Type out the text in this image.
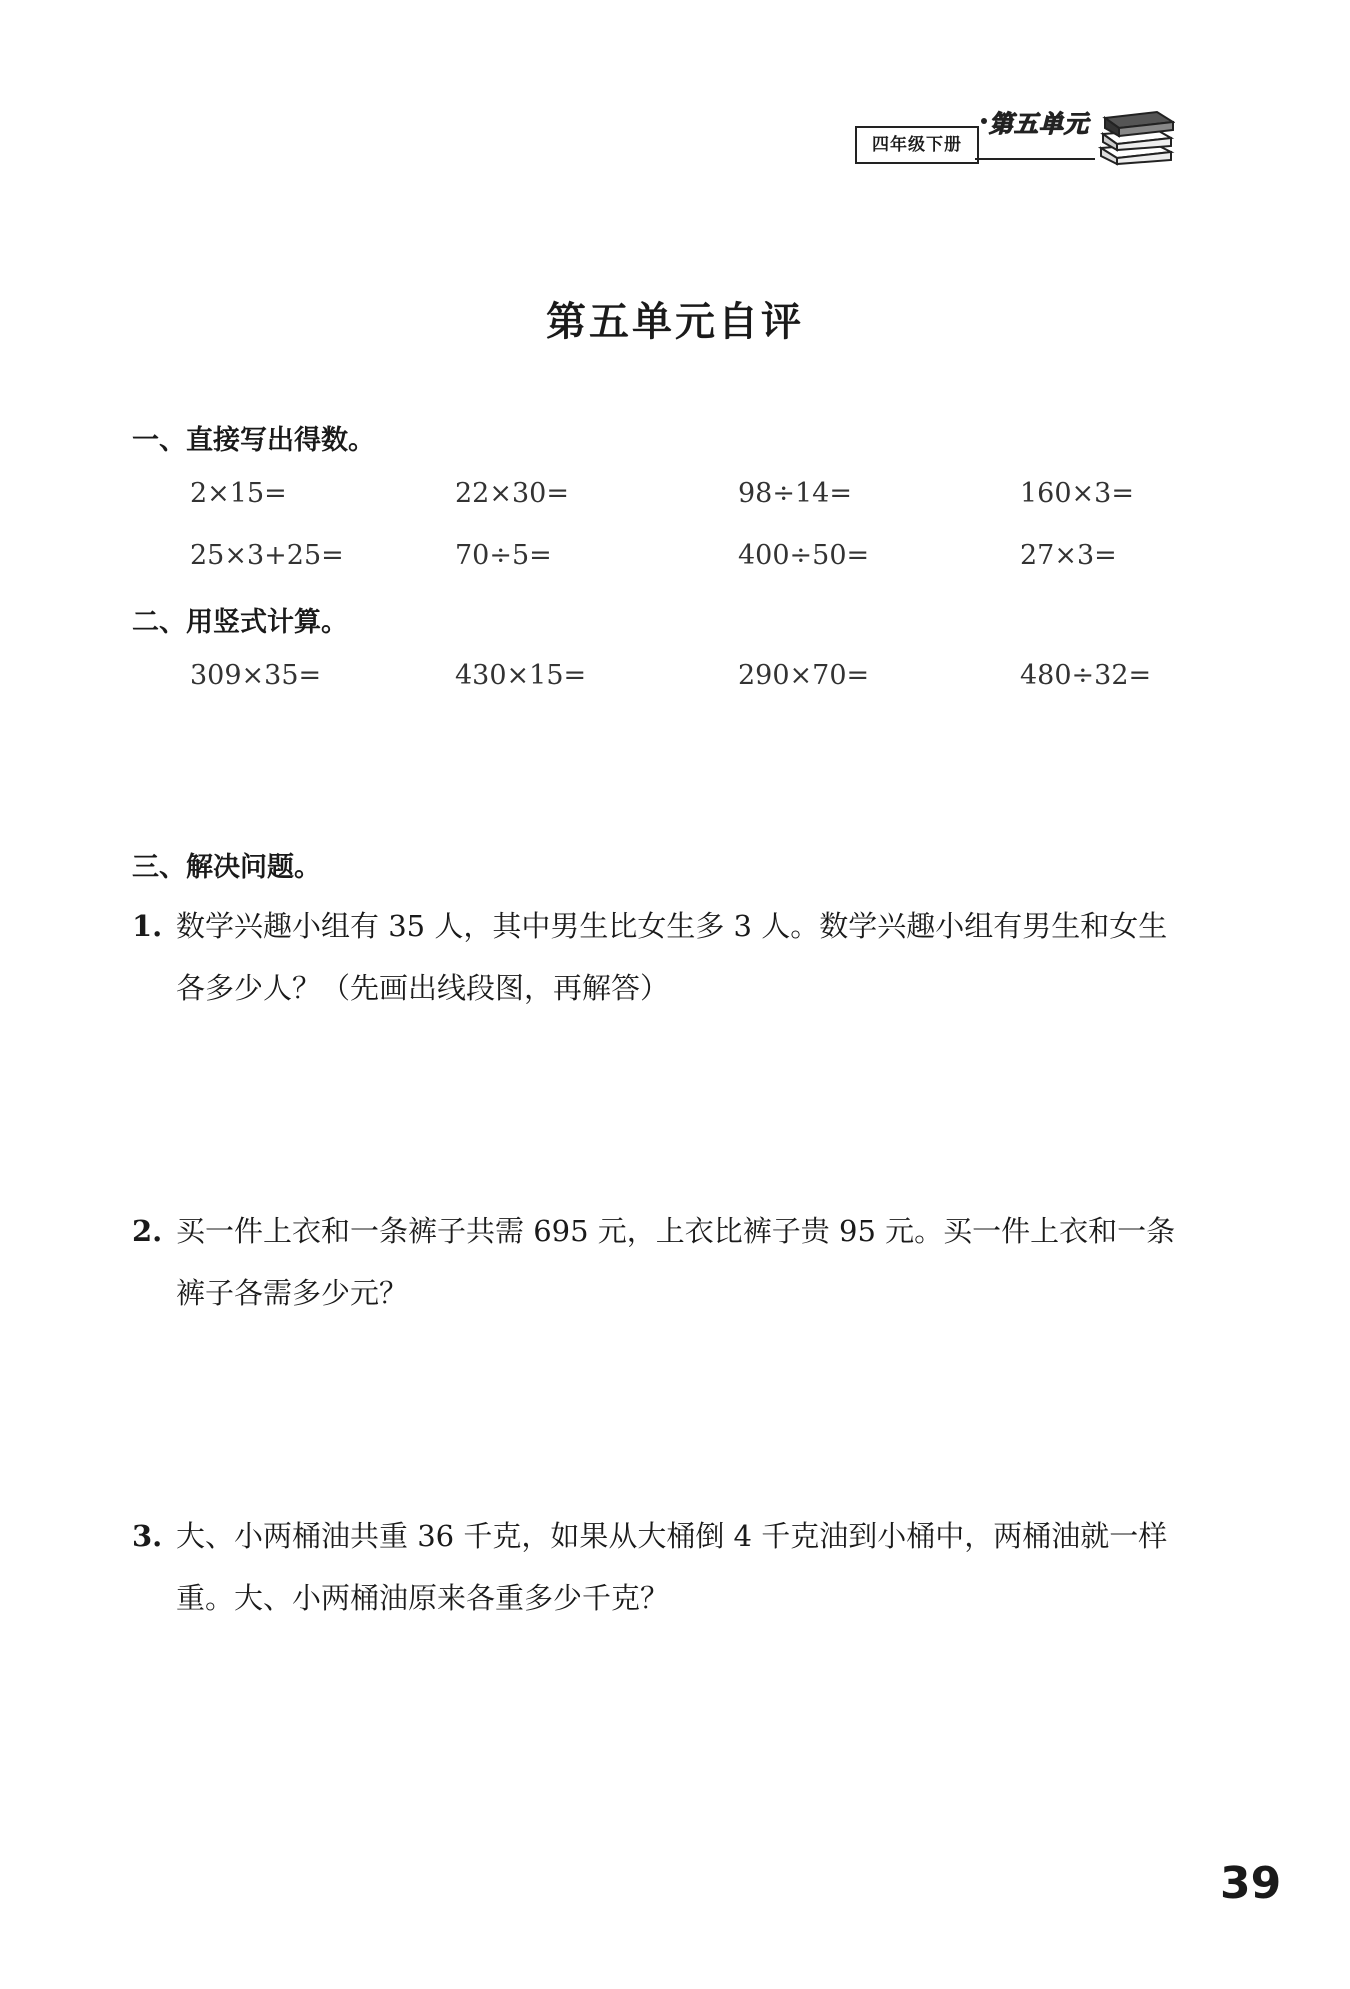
四年级下册
第五单元
第五单元自评
一、直接写出得数。
2×15=	22×30=	98÷14=	160×3=
25×3+25=	70÷5=	400÷50=	27×3=
二、用竖式计算。
309×35=	430×15=	290×70=	480÷32=
三、解决问题。
1. 数学兴趣小组有 35 人，其中男生比女生多 3 人。数学兴趣小组有男生和女生各多少人？（先画出线段图，再解答）
2. 买一件上衣和一条裤子共需 695 元，上衣比裤子贵 95 元。买一件上衣和一条裤子各需多少元？
3. 大、小两桶油共重 36 千克，如果从大桶倒 4 千克油到小桶中，两桶油就一样重。大、小两桶油原来各重多少千克？
39
